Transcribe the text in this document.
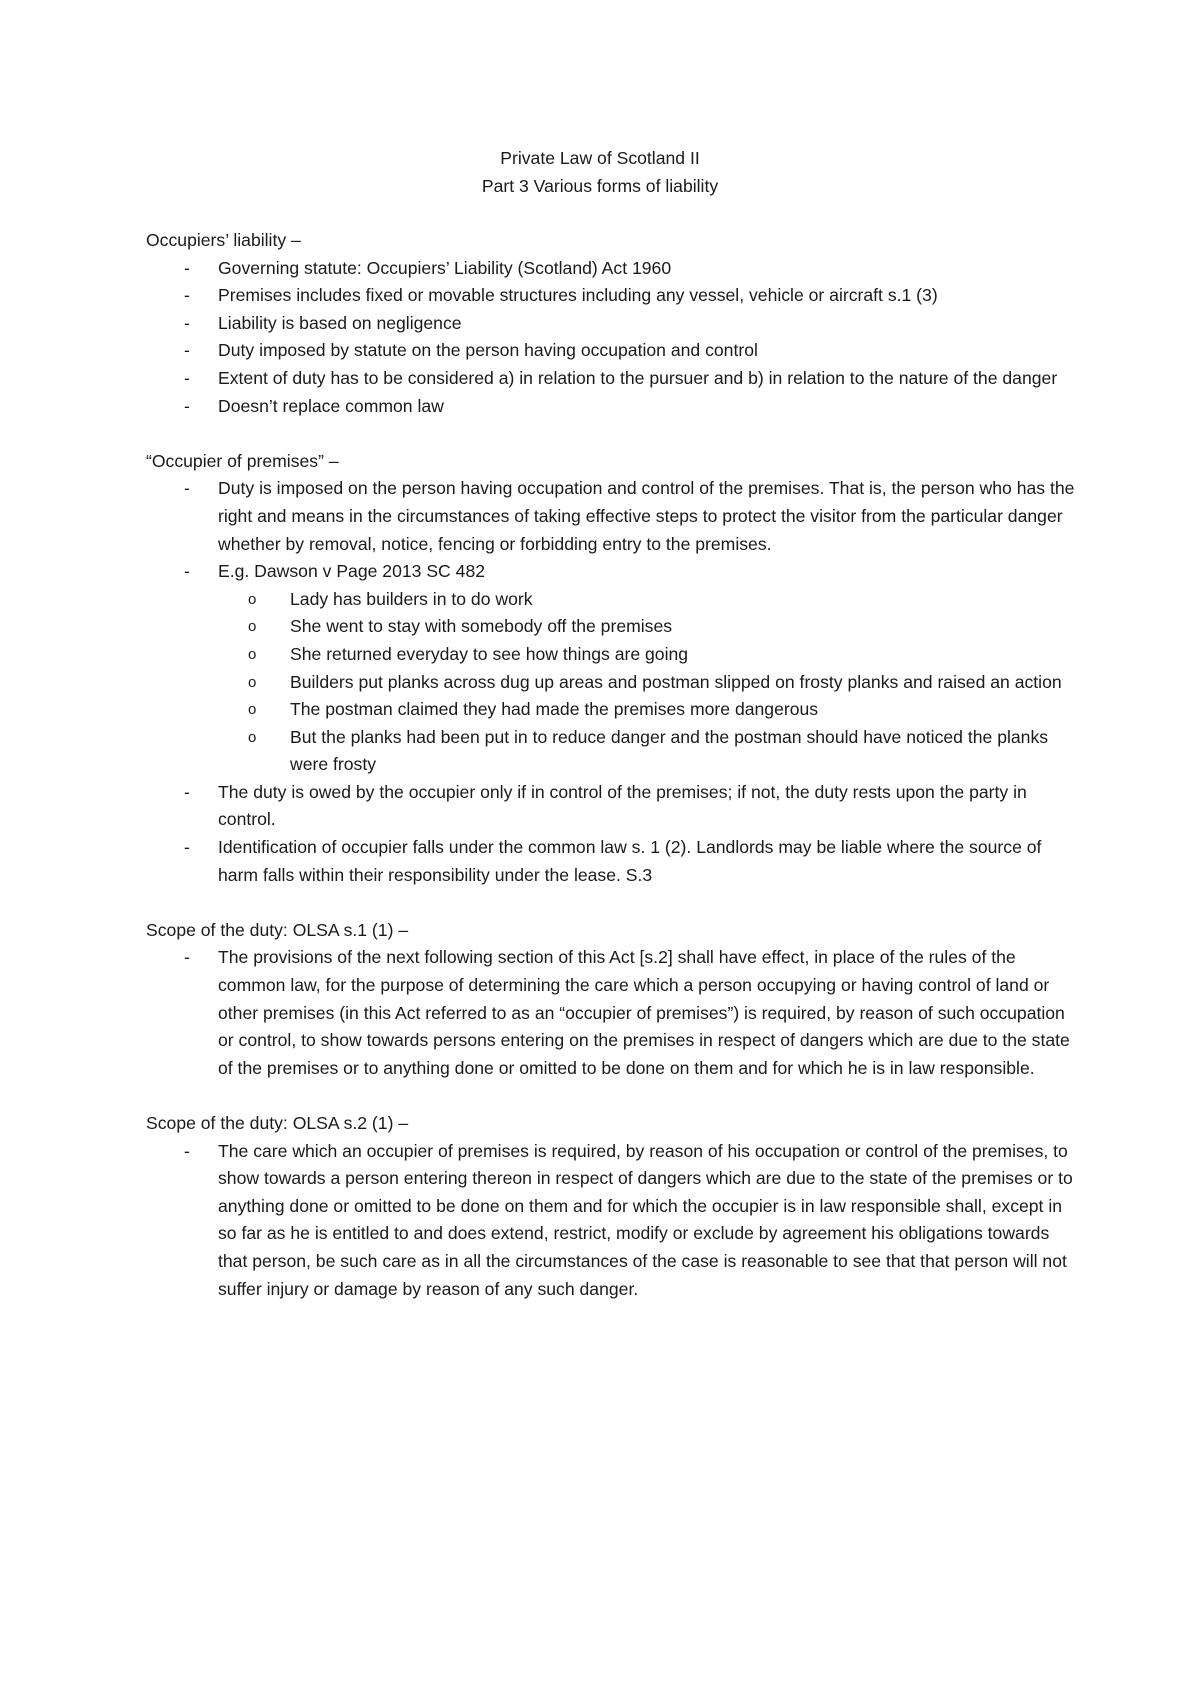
Private Law of Scotland II
Part 3 Various forms of liability
Occupiers’ liability –
- Governing statute: Occupiers’ Liability (Scotland) Act 1960
- Premises includes fixed or movable structures including any vessel, vehicle or aircraft s.1 (3)
- Liability is based on negligence
- Duty imposed by statute on the person having occupation and control
- Extent of duty has to be considered a) in relation to the pursuer and b) in relation to the nature of the danger
- Doesn’t replace common law
“Occupier of premises” –
- Duty is imposed on the person having occupation and control of the premises. That is, the person who has the right and means in the circumstances of taking effective steps to protect the visitor from the particular danger whether by removal, notice, fencing or forbidding entry to the premises.
- E.g. Dawson v Page 2013 SC 482
o Lady has builders in to do work
o She went to stay with somebody off the premises
o She returned everyday to see how things are going
o Builders put planks across dug up areas and postman slipped on frosty planks and raised an action
o The postman claimed they had made the premises more dangerous
o But the planks had been put in to reduce danger and the postman should have noticed the planks were frosty
- The duty is owed by the occupier only if in control of the premises; if not, the duty rests upon the party in control.
- Identification of occupier falls under the common law s. 1 (2). Landlords may be liable where the source of harm falls within their responsibility under the lease. S.3
Scope of the duty: OLSA s.1 (1) –
- The provisions of the next following section of this Act [s.2] shall have effect, in place of the rules of the common law, for the purpose of determining the care which a person occupying or having control of land or other premises (in this Act referred to as an “occupier of premises”) is required, by reason of such occupation or control, to show towards persons entering on the premises in respect of dangers which are due to the state of the premises or to anything done or omitted to be done on them and for which he is in law responsible.
Scope of the duty: OLSA s.2 (1) –
- The care which an occupier of premises is required, by reason of his occupation or control of the premises, to show towards a person entering thereon in respect of dangers which are due to the state of the premises or to anything done or omitted to be done on them and for which the occupier is in law responsible shall, except in so far as he is entitled to and does extend, restrict, modify or exclude by agreement his obligations towards that person, be such care as in all the circumstances of the case is reasonable to see that that person will not suffer injury or damage by reason of any such danger.
